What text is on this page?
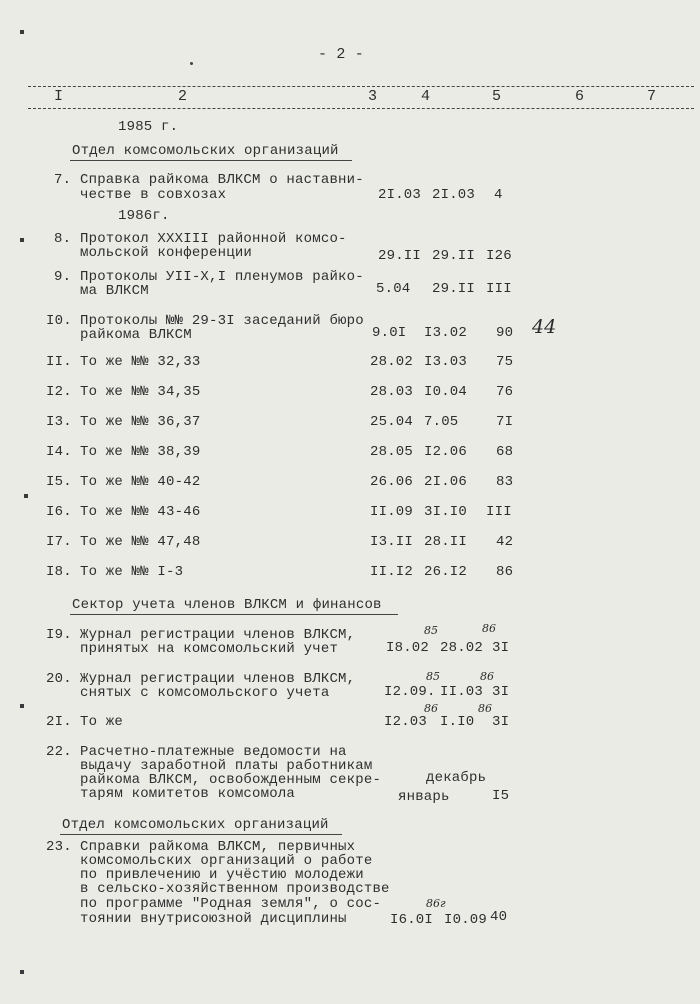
- 2 -
I	2	3	4	5	6	7
1985 г.
Отдел комсомольских организаций
7. Справка райкома ВЛКСМ о наставни-
честве в совхозах	2I.03 2I.03 4
1986г.
8. Протокол XXXIII районной комсо-
мольской конференции	29.II 29.II I26
9. Протоколы УII-X,I пленумов райко-
ма ВЛКСМ	5.04 29.II III
I0. Протоколы №№ 29-3I заседаний бюро
райкома ВЛКСМ	9.0I I3.02 90 44
II. То же №№ 32,33	28.02 I3.03 75
I2. То же №№ 34,35	28.03 I0.04 76
I3. То же №№ 36,37	25.04 7.05	7I
I4. То же №№ 38,39	28.05 I2.06 68
I5. То же №№ 40-42	26.06 2I.06 83
I6. То же №№ 43-46	II.09 3I.I0 III
I7. То же №№ 47,48	I3.II 28.II 42
I8. То же №№ I-3	II.I2 26.I2 86
Сектор учета членов ВЛКСМ и финансов
I9. Журнал регистрации членов ВЛКСМ,
принятых на комсомольский учет
85	86
I8.02 28.02 3I
20. Журнал регистрации членов ВЛКСМ,
снятых с комсомольского учета
85	86
I2.09. II.03 3I
2I. То же
86	86
I2.03 I.I0 3I
22. Расчетно-платежные ведомости на
выдачу заработной платы работникам
райкома ВЛКСМ, освобожденным секре-
тарям комитетов комсомола
декабрь
январь	I5
Отдел комсомольских организаций
23. Справки райкома ВЛКСМ, первичных
комсомольских организаций о работе
по привлечению и учёстию молодежи
в сельско-хозяйственном производстве
по программе "Родная земля", о сос-
тоянии внутрисоюзной дисциплины
86г
I6.0I I0.09 40
